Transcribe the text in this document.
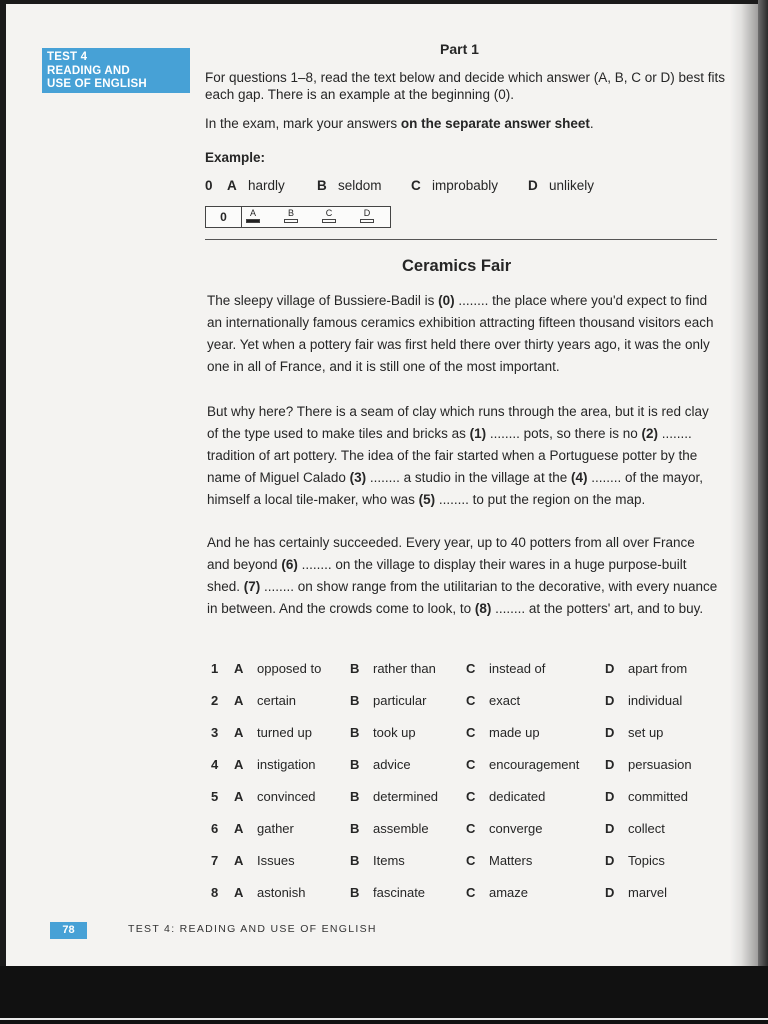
TEST 4
READING AND
USE OF ENGLISH
Part 1
For questions 1–8, read the text below and decide which answer (A, B, C or D) best fits each gap. There is an example at the beginning (0).
In the exam, mark your answers on the separate answer sheet.
Example:
0 A hardly B seldom C improbably D unlikely
0	A	B	C	D
Ceramics Fair

The sleepy village of Bussiere-Badil is (0) ........ the place where you'd expect to find an internationally famous ceramics exhibition attracting fifteen thousand visitors each year. Yet when a pottery fair was first held there over thirty years ago, it was the only one in all of France, and it is still one of the most important.

But why here? There is a seam of clay which runs through the area, but it is red clay of the type used to make tiles and bricks as (1) ........ pots, so there is no (2) ........ tradition of art pottery. The idea of the fair started when a Portuguese potter by the name of Miguel Calado (3) ........ a studio in the village at the (4) ........ of the mayor, himself a local tile-maker, who was (5) ........ to put the region on the map.

And he has certainly succeeded. Every year, up to 40 potters from all over France and beyond (6) ........ on the village to display their wares in a huge purpose-built shed. (7) ........ on show range from the utilitarian to the decorative, with every nuance in between. And the crowds come to look, to (8) ........ at the potters' art, and to buy.

1 A opposed to B rather than C instead of	D apart from
2 A certain	B particular	C exact	D individual
3 A turned up	B took up	C made up	D set up
4 A instigation	B advice	C encouragement D persuasion
5 A convinced	B determined C dedicated	D committed
6 A gather	B assemble	C converge	D collect
7 A Issues	B Items	C Matters	D Topics
8 A astonish	B fascinate	C amaze	D marvel
78	TEST 4: READING AND USE OF ENGLISH
